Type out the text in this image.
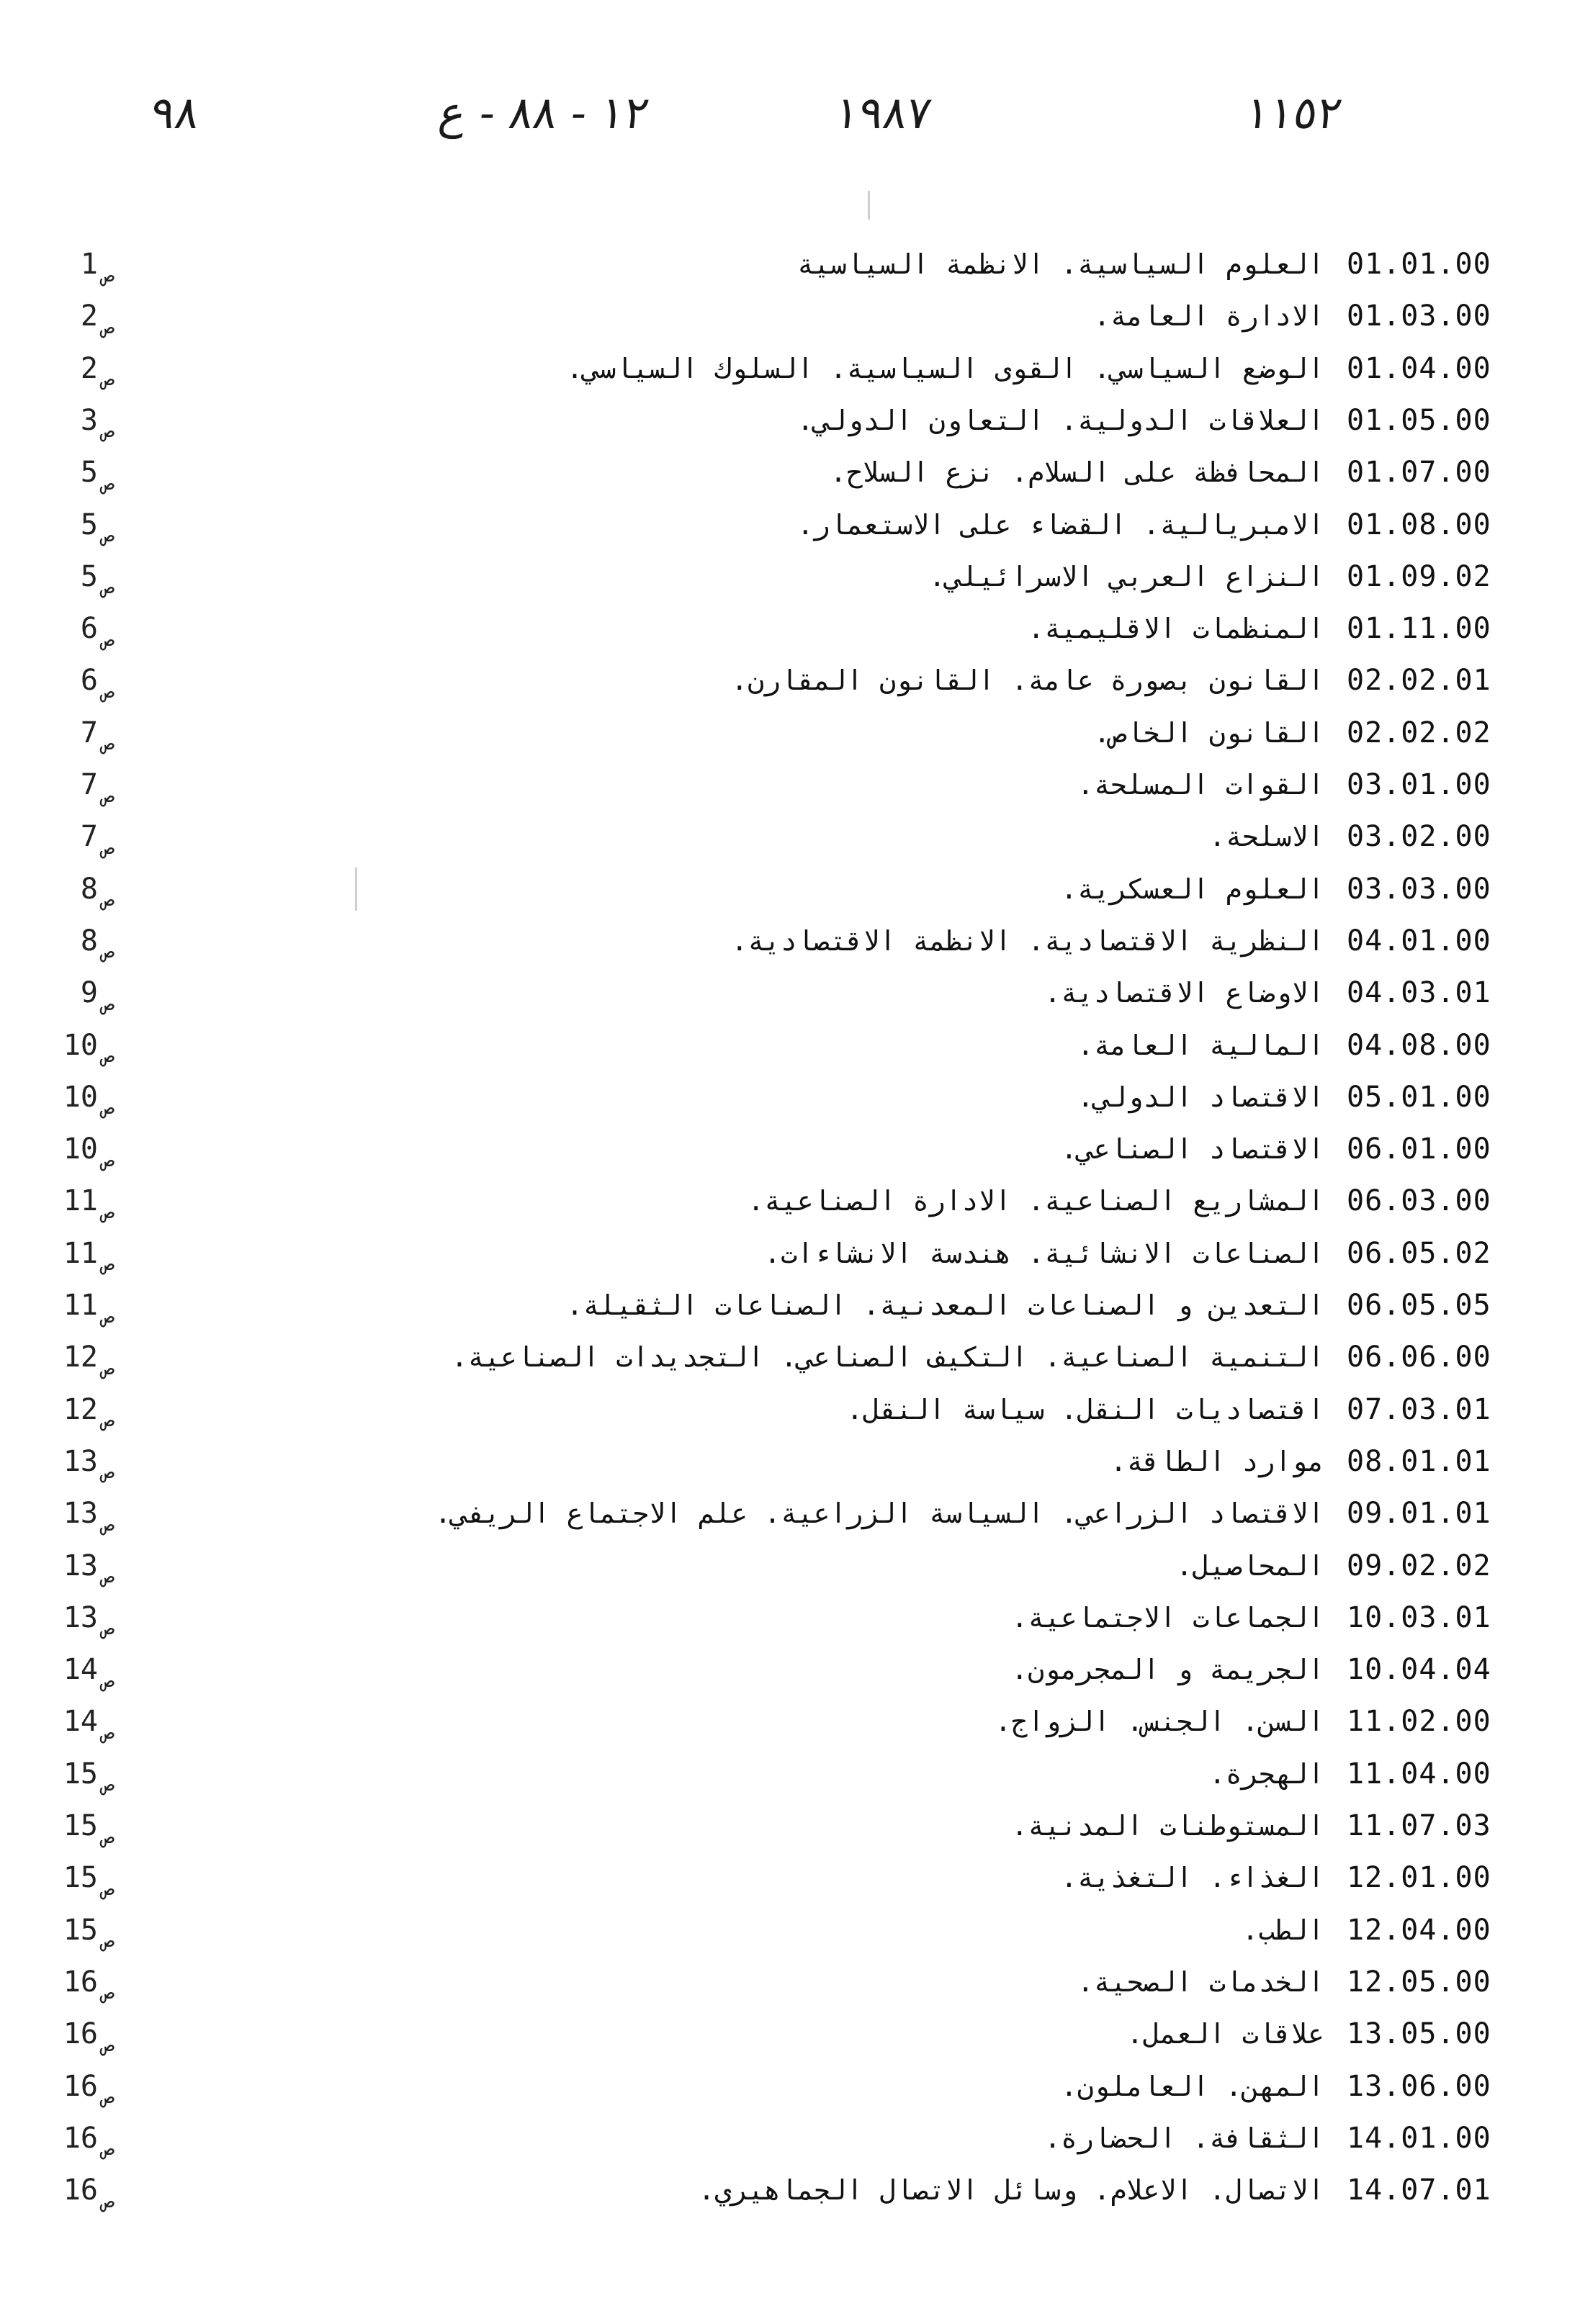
٩٨	١٢ - ٨٨ - ع	١٩٨٧	١١٥٢
1 ص	العلوم السياسية. الانظمة السياسية 01.01.00
2 ص	الادارة العامة. 01.03.00
2 ص	الوضع السياسي. القوى السياسية. السلوك السياسي. 01.04.00
3 ص	العلاقات الدولية. التعاون الدولي. 01.05.00
5 ص	المحافظة على السلام. نزع السلاح. 01.07.00
5 ص	الامبريالية. القضاء على الاستعمار. 01.08.00
5 ص	النزاع العربي الاسرائيلي. 01.09.02
6 ص	المنظمات الاقليمية. 01.11.00
6 ص	القانون بصورة عامة. القانون المقارن. 02.02.01
7 ص	القانون الخاص. 02.02.02
7 ص	القوات المسلحة. 03.01.00
7 ص	الاسلحة. 03.02.00
8 ص	العلوم العسكرية. 03.03.00
8 ص	النظرية الاقتصادية. الانظمة الاقتصادية. 04.01.00
9 ص	الاوضاع الاقتصادية. 04.03.01
10 ص	المالية العامة. 04.08.00
10 ص	الاقتصاد الدولي. 05.01.00
10 ص	الاقتصاد الصناعي. 06.01.00
11 ص	المشاريع الصناعية. الادارة الصناعية. 06.03.00
11 ص	الصناعات الانشائية. هندسة الانشاءات. 06.05.02
11 ص	التعدين و الصناعات المعدنية. الصناعات الثقيلة. 06.05.05
12 ص	التنمية الصناعية. التكيف الصناعي. التجديدات الصناعية. 06.06.00
12 ص	اقتصاديات النقل. سياسة النقل. 07.03.01
13 ص	موارد الطاقة. 08.01.01
13 ص	الاقتصاد الزراعي. السياسة الزراعية. علم الاجتماع الريفي. 09.01.01
13 ص	المحاصيل. 09.02.02
13 ص	الجماعات الاجتماعية. 10.03.01
14 ص	الجريمة و المجرمون. 10.04.04
14 ص	السن. الجنس. الزواج. 11.02.00
15 ص	الهجرة. 11.04.00
15 ص	المستوطنات المدنية. 11.07.03
15 ص	الغذاء. التغذية. 12.01.00
15 ص	الطب. 12.04.00
16 ص	الخدمات الصحية. 12.05.00
16 ص	علاقات العمل. 13.05.00
16 ص	المهن. العاملون. 13.06.00
16 ص	الثقافة. الحضارة. 14.01.00
16 ص	الاتصال. الاعلام. وسائل الاتصال الجماهيري. 14.07.01
